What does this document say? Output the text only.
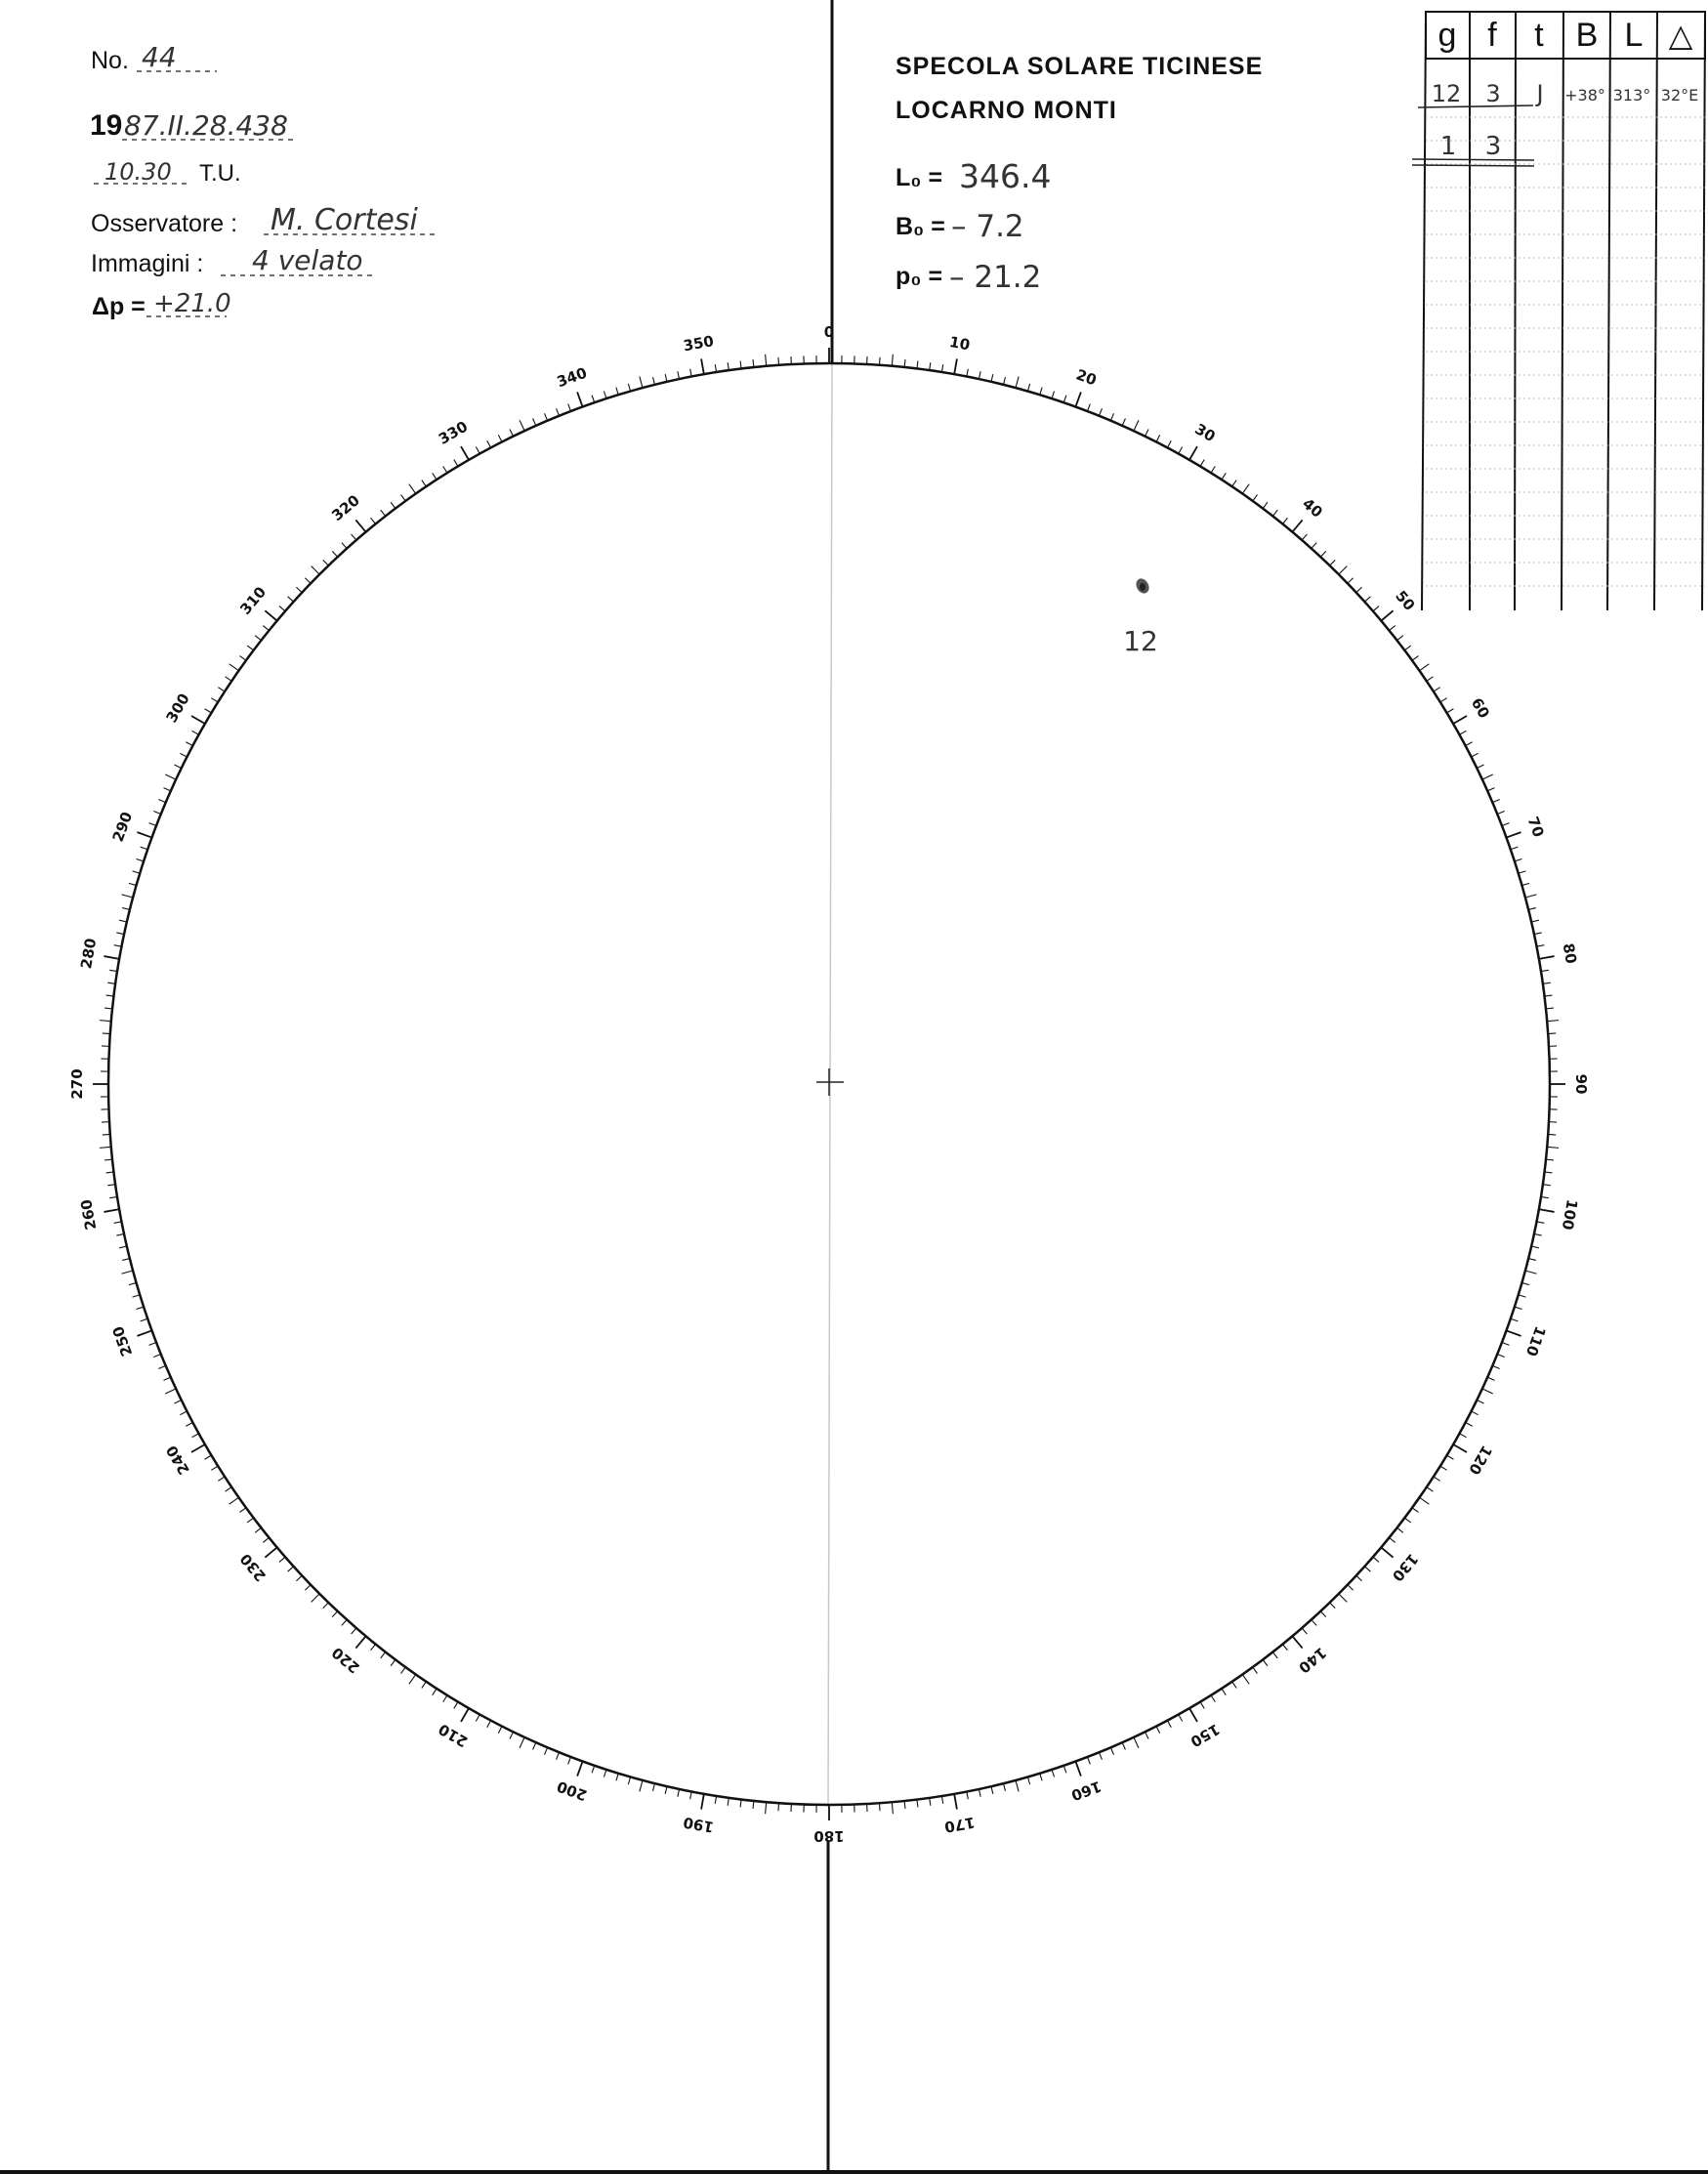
No. 44
19 87.II.28.438
10.30 T.U.
Osservatore : M. Cortesi
Immagini : 4 velato
Δp = +21.0
SPECOLA SOLARE TICINESE
LOCARNO MONTI
L₀ = 346.4
B₀ = – 7.2
p₀ = – 21.2
g f t B L △
12 3 J +38° 313° 32°E
1 3
0
10
20
30
40
50
60
70
80
90
100
110
120
130
140
150
160
170
180
190
200
210
220
230
240
250
260
270
280
290
300
310
320
330
340
350
12
